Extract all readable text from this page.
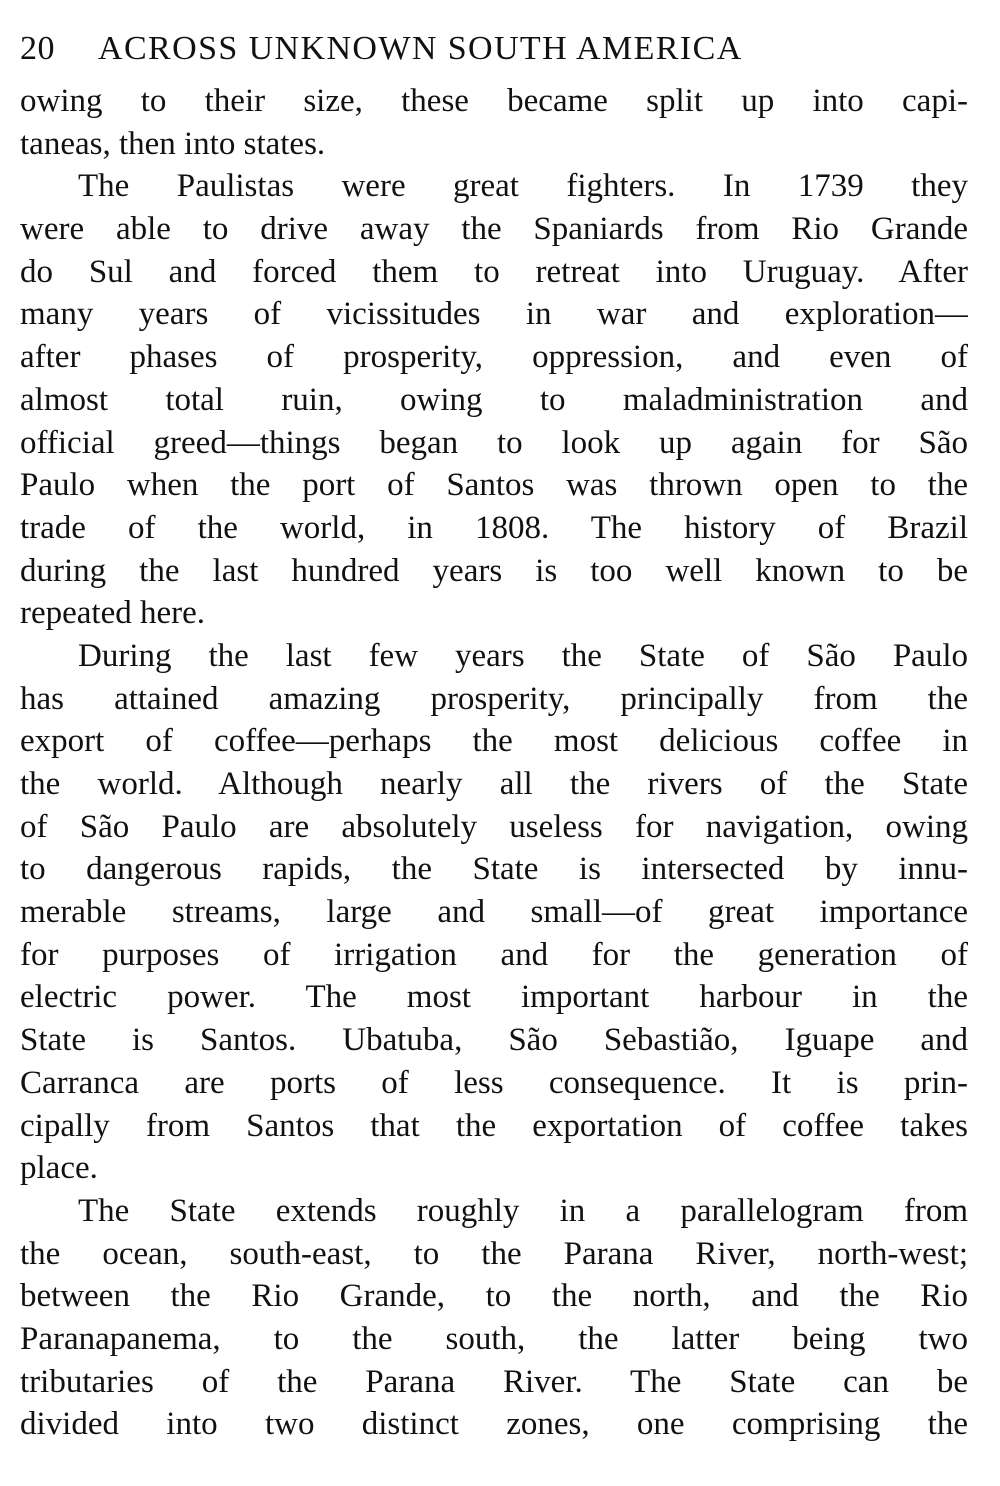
20	ACROSS UNKNOWN SOUTH AMERICA
owing to their size, these became split up into capi-
taneas, then into states.
The Paulistas were great fighters. In 1739 they
were able to drive away the Spaniards from Rio Grande
do Sul and forced them to retreat into Uruguay. After
many years of vicissitudes in war and exploration—
after phases of prosperity, oppression, and even of
almost total ruin, owing to maladministration and
official greed—things began to look up again for São
Paulo when the port of Santos was thrown open to the
trade of the world, in 1808. The history of Brazil
during the last hundred years is too well known to be
repeated here.
During the last few years the State of São Paulo
has attained amazing prosperity, principally from the
export of coffee—perhaps the most delicious coffee in
the world. Although nearly all the rivers of the State
of São Paulo are absolutely useless for navigation, owing
to dangerous rapids, the State is intersected by innu-
merable streams, large and small—of great importance
for purposes of irrigation and for the generation of
electric power. The most important harbour in the
State is Santos. Ubatuba, São Sebastião, Iguape and
Carranca are ports of less consequence. It is prin-
cipally from Santos that the exportation of coffee takes
place.
The State extends roughly in a parallelogram from
the ocean, south-east, to the Parana River, north-west;
between the Rio Grande, to the north, and the Rio
Paranapanema, to the south, the latter being two
tributaries of the Parana River. The State can be
divided into two distinct zones, one comprising the
